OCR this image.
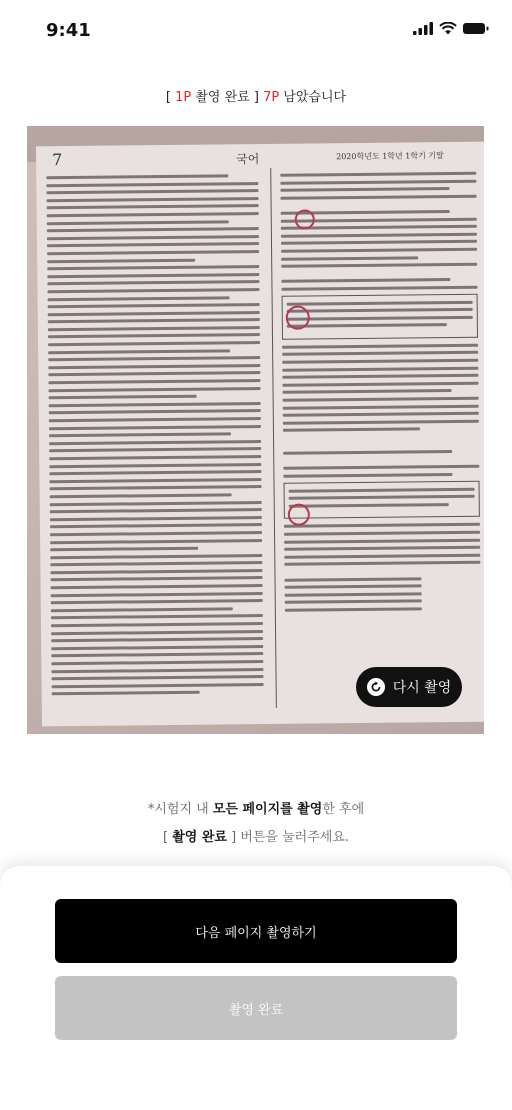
9:41
[ 1P 촬영 완료 ] 7P 남았습니다
7	국어	2020학년도 1학년 1학기 기말
다시 촬영
*시험지 내 모든 페이지를 촬영한 후에
[ 촬영 완료 ] 버튼을 눌러주세요.
다음 페이지 촬영하기
촬영 완료
